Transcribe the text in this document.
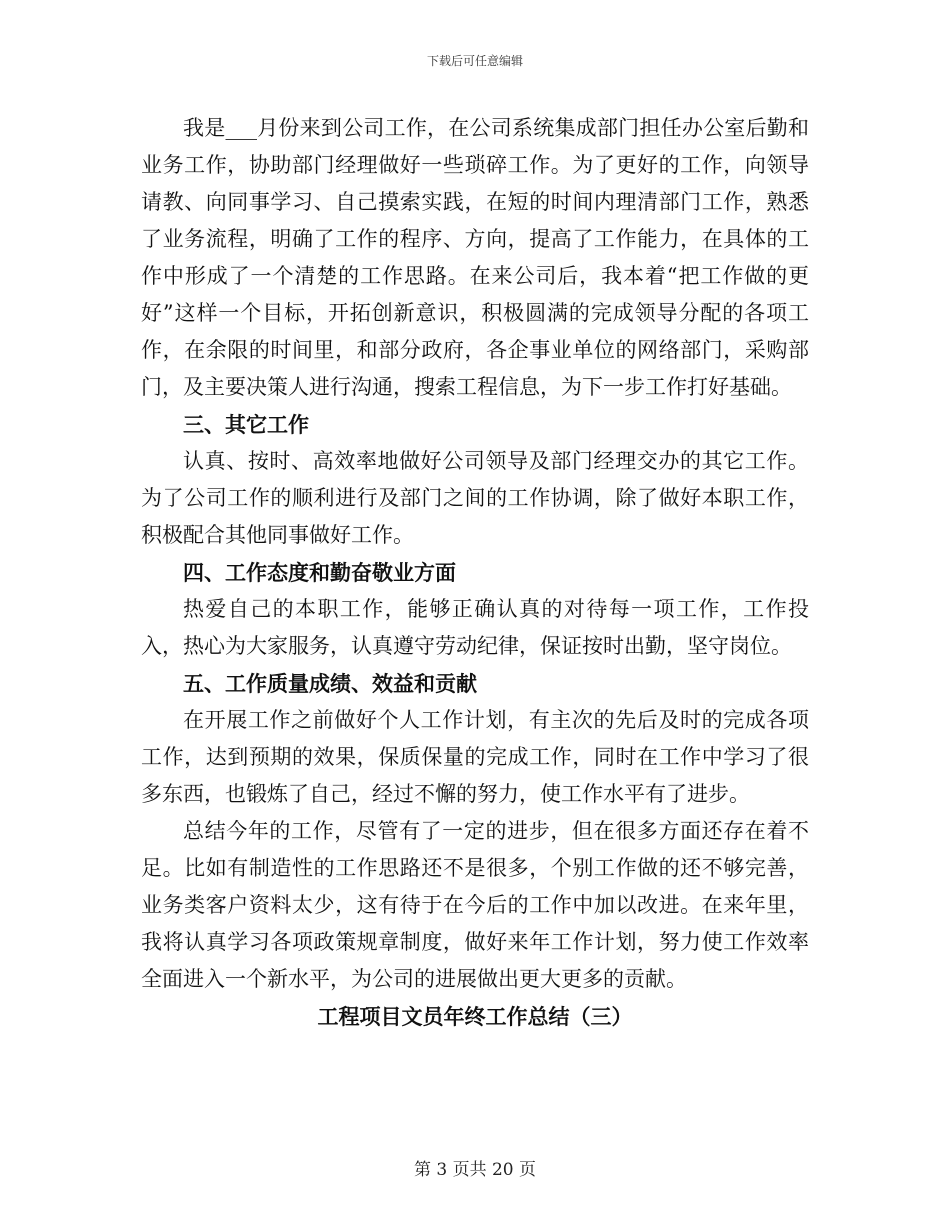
下载后可任意编辑

我是___月份来到公司工作，在公司系统集成部门担任办公室后勤和业务工作，协助部门经理做好一些琐碎工作。为了更好的工作，向领导请教、向同事学习、自己摸索实践，在短的时间内理清部门工作，熟悉了业务流程，明确了工作的程序、方向，提高了工作能力，在具体的工作中形成了一个清楚的工作思路。在来公司后，我本着“把工作做的更好”这样一个目标，开拓创新意识，积极圆满的完成领导分配的各项工作，在余限的时间里，和部分政府，各企事业单位的网络部门，采购部门，及主要决策人进行沟通，搜索工程信息，为下一步工作打好基础。

三、其它工作

认真、按时、高效率地做好公司领导及部门经理交办的其它工作。为了公司工作的顺利进行及部门之间的工作协调，除了做好本职工作，积极配合其他同事做好工作。

四、工作态度和勤奋敬业方面

热爱自己的本职工作，能够正确认真的对待每一项工作，工作投入，热心为大家服务，认真遵守劳动纪律，保证按时出勤，坚守岗位。

五、工作质量成绩、效益和贡献

在开展工作之前做好个人工作计划，有主次的先后及时的完成各项工作，达到预期的效果，保质保量的完成工作，同时在工作中学习了很多东西，也锻炼了自己，经过不懈的努力，使工作水平有了进步。

总结今年的工作，尽管有了一定的进步，但在很多方面还存在着不足。比如有制造性的工作思路还不是很多，个别工作做的还不够完善，业务类客户资料太少，这有待于在今后的工作中加以改进。在来年里，我将认真学习各项政策规章制度，做好来年工作计划，努力使工作效率全面进入一个新水平，为公司的进展做出更大更多的贡献。

工程项目文员年终工作总结（三）

第 3 页共 20 页
